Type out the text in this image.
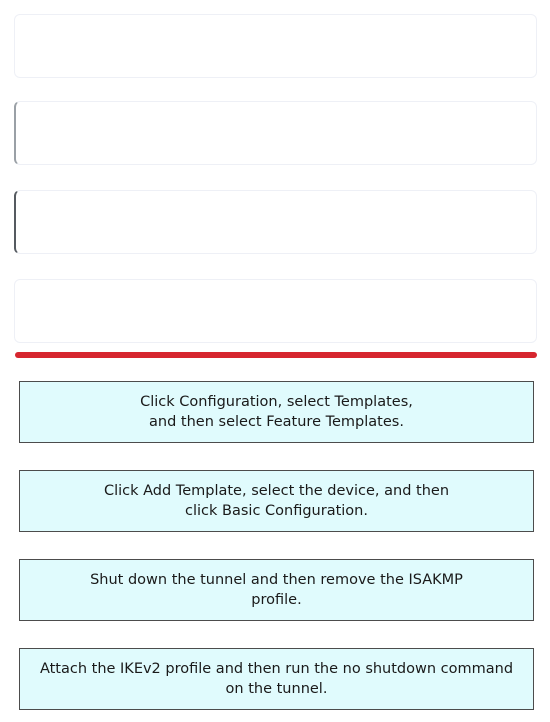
Click Configuration, select Templates,
and then select Feature Templates.
Click Add Template, select the device, and then
click Basic Configuration.
Shut down the tunnel and then remove the ISAKMP
profile.
Attach the IKEv2 profile and then run the no shutdown command
on the tunnel.
